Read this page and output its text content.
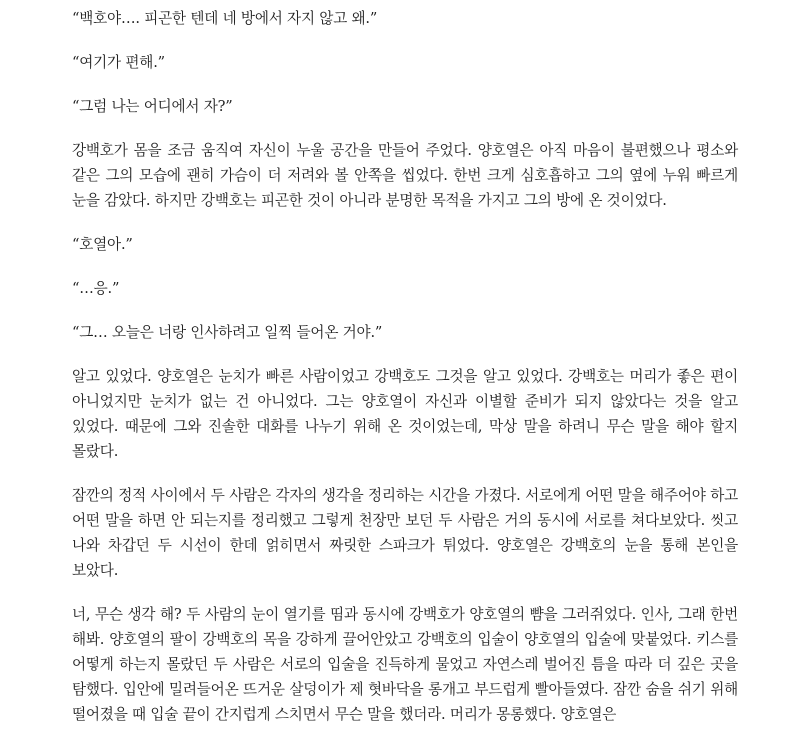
“백호야…. 피곤한 텐데 네 방에서 자지 않고 왜.”

“여기가 편해.”

“그럼 나는 어디에서 자?”

강백호가 몸을 조금 움직여 자신이 누울 공간을 만들어 주었다. 양호열은 아직 마음이 불편했으나 평소와 같은 그의 모습에 괜히 가슴이 더 저려와 볼 안쪽을 씹었다. 한번 크게 심호흡하고 그의 옆에 누워 빠르게 눈을 감았다. 하지만 강백호는 피곤한 것이 아니라 분명한 목적을 가지고 그의 방에 온 것이었다.

“호열아.”

“…응.”

“그… 오늘은 너랑 인사하려고 일찍 들어온 거야.”

알고 있었다. 양호열은 눈치가 빠른 사람이었고 강백호도 그것을 알고 있었다. 강백호는 머리가 좋은 편이 아니었지만 눈치가 없는 건 아니었다. 그는 양호열이 자신과 이별할 준비가 되지 않았다는 것을 알고 있었다. 때문에 그와 진솔한 대화를 나누기 위해 온 것이었는데, 막상 말을 하려니 무슨 말을 해야 할지 몰랐다.

잠깐의 정적 사이에서 두 사람은 각자의 생각을 정리하는 시간을 가졌다. 서로에게 어떤 말을 해주어야 하고 어떤 말을 하면 안 되는지를 정리했고 그렇게 천장만 보던 두 사람은 거의 동시에 서로를 쳐다보았다. 씻고 나와 차갑던 두 시선이 한데 얽히면서 짜릿한 스파크가 튀었다. 양호열은 강백호의 눈을 통해 본인을 보았다.

너, 무슨 생각 해? 두 사람의 눈이 열기를 띰과 동시에 강백호가 양호열의 뺨을 그러쥐었다. 인사, 그래 한번 해봐. 양호열의 팔이 강백호의 목을 강하게 끌어안았고 강백호의 입술이 양호열의 입술에 맞붙었다. 키스를 어떻게 하는지 몰랐던 두 사람은 서로의 입술을 진득하게 물었고 자연스레 벌어진 틈을 따라 더 깊은 곳을 탐했다. 입안에 밀려들어온 뜨거운 살덩이가 제 혓바닥을 롱개고 부드럽게 빨아들였다. 잠깐 숨을 쉬기 위해 떨어졌을 때 입술 끝이 간지럽게 스치면서 무슨 말을 했더라. 머리가 몽롱했다. 양호열은
